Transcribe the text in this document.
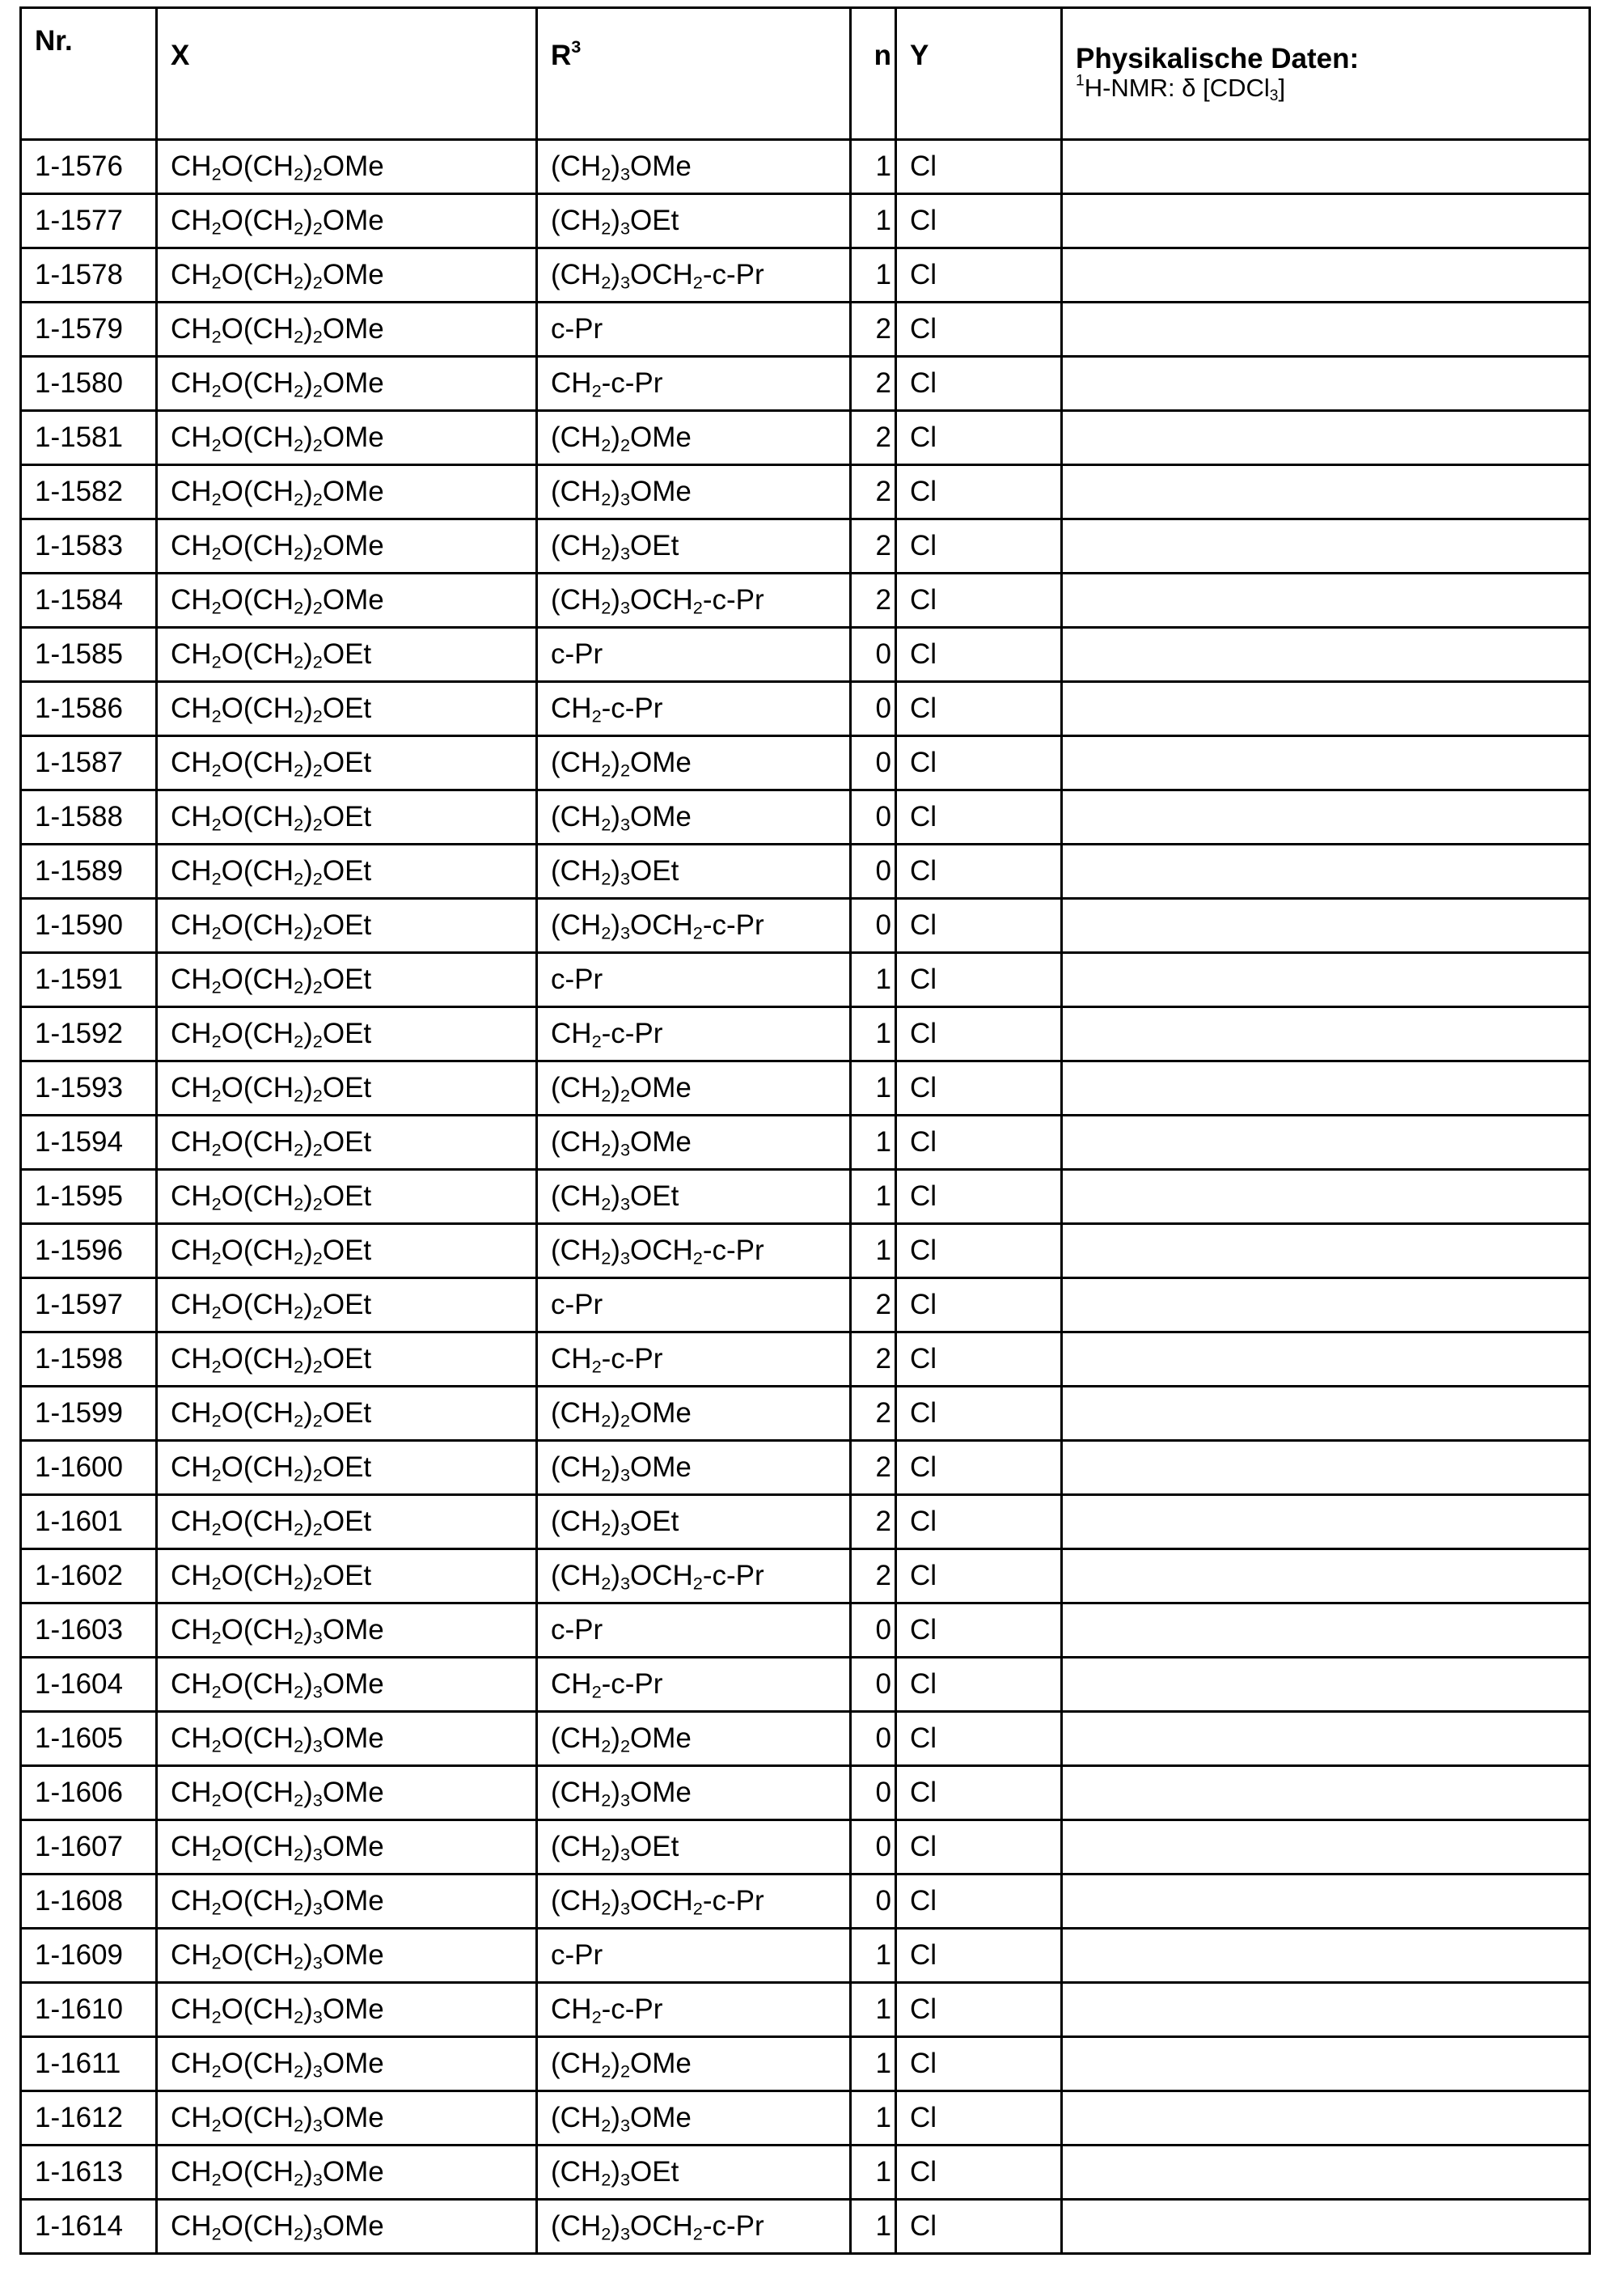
Nr.	X	$R^3$	n	Y	Physikalische Daten:
$^1$H-NMR: δ [CDCl$_3$]

1-1576	$CH_2O(CH_2)_2OMe$	$(CH_2)_3OMe$	1	Cl	
1-1577	$CH_2O(CH_2)_2OMe$	$(CH_2)_3OEt$	1	Cl	
1-1578	$CH_2O(CH_2)_2OMe$	$(CH_2)_3OCH_2-c-Pr$	1	Cl	
1-1579	$CH_2O(CH_2)_2OMe$	c-Pr	2	Cl	
1-1580	$CH_2O(CH_2)_2OMe$	$CH_2-c-Pr$	2	Cl	
1-1581	$CH_2O(CH_2)_2OMe$	$(CH_2)_2OMe$	2	Cl	
1-1582	$CH_2O(CH_2)_2OMe$	$(CH_2)_3OMe$	2	Cl	
1-1583	$CH_2O(CH_2)_2OMe$	$(CH_2)_3OEt$	2	Cl	
1-1584	$CH_2O(CH_2)_2OMe$	$(CH_2)_3OCH_2-c-Pr$	2	Cl	
1-1585	$CH_2O(CH_2)_2OEt$	c-Pr	0	Cl	
1-1586	$CH_2O(CH_2)_2OEt$	$CH_2-c-Pr$	0	Cl	
1-1587	$CH_2O(CH_2)_2OEt$	$(CH_2)_2OMe$	0	Cl	
1-1588	$CH_2O(CH_2)_2OEt$	$(CH_2)_3OMe$	0	Cl	
1-1589	$CH_2O(CH_2)_2OEt$	$(CH_2)_3OEt$	0	Cl	
1-1590	$CH_2O(CH_2)_2OEt$	$(CH_2)_3OCH_2-c-Pr$	0	Cl	
1-1591	$CH_2O(CH_2)_2OEt$	c-Pr	1	Cl	
1-1592	$CH_2O(CH_2)_2OEt$	$CH_2-c-Pr$	1	Cl	
1-1593	$CH_2O(CH_2)_2OEt$	$(CH_2)_2OMe$	1	Cl	
1-1594	$CH_2O(CH_2)_2OEt$	$(CH_2)_3OMe$	1	Cl	
1-1595	$CH_2O(CH_2)_2OEt$	$(CH_2)_3OEt$	1	Cl	
1-1596	$CH_2O(CH_2)_2OEt$	$(CH_2)_3OCH_2-c-Pr$	1	Cl	
1-1597	$CH_2O(CH_2)_2OEt$	c-Pr	2	Cl	
1-1598	$CH_2O(CH_2)_2OEt$	$CH_2-c-Pr$	2	Cl	
1-1599	$CH_2O(CH_2)_2OEt$	$(CH_2)_2OMe$	2	Cl	
1-1600	$CH_2O(CH_2)_2OEt$	$(CH_2)_3OMe$	2	Cl	
1-1601	$CH_2O(CH_2)_2OEt$	$(CH_2)_3OEt$	2	Cl	
1-1602	$CH_2O(CH_2)_2OEt$	$(CH_2)_3OCH_2-c-Pr$	2	Cl	
1-1603	$CH_2O(CH_2)_3OMe$	c-Pr	0	Cl	
1-1604	$CH_2O(CH_2)_3OMe$	$CH_2-c-Pr$	0	Cl	
1-1605	$CH_2O(CH_2)_3OMe$	$(CH_2)_2OMe$	0	Cl	
1-1606	$CH_2O(CH_2)_3OMe$	$(CH_2)_3OMe$	0	Cl	
1-1607	$CH_2O(CH_2)_3OMe$	$(CH_2)_3OEt$	0	Cl	
1-1608	$CH_2O(CH_2)_3OMe$	$(CH_2)_3OCH_2-c-Pr$	0	Cl	
1-1609	$CH_2O(CH_2)_3OMe$	c-Pr	1	Cl	
1-1610	$CH_2O(CH_2)_3OMe$	$CH_2-c-Pr$	1	Cl	
1-1611	$CH_2O(CH_2)_3OMe$	$(CH_2)_2OMe$	1	Cl	
1-1612	$CH_2O(CH_2)_3OMe$	$(CH_2)_3OMe$	1	Cl	
1-1613	$CH_2O(CH_2)_3OMe$	$(CH_2)_3OEt$	1	Cl	
1-1614	$CH_2O(CH_2)_3OMe$	$(CH_2)_3OCH_2-c-Pr$	1	Cl	
